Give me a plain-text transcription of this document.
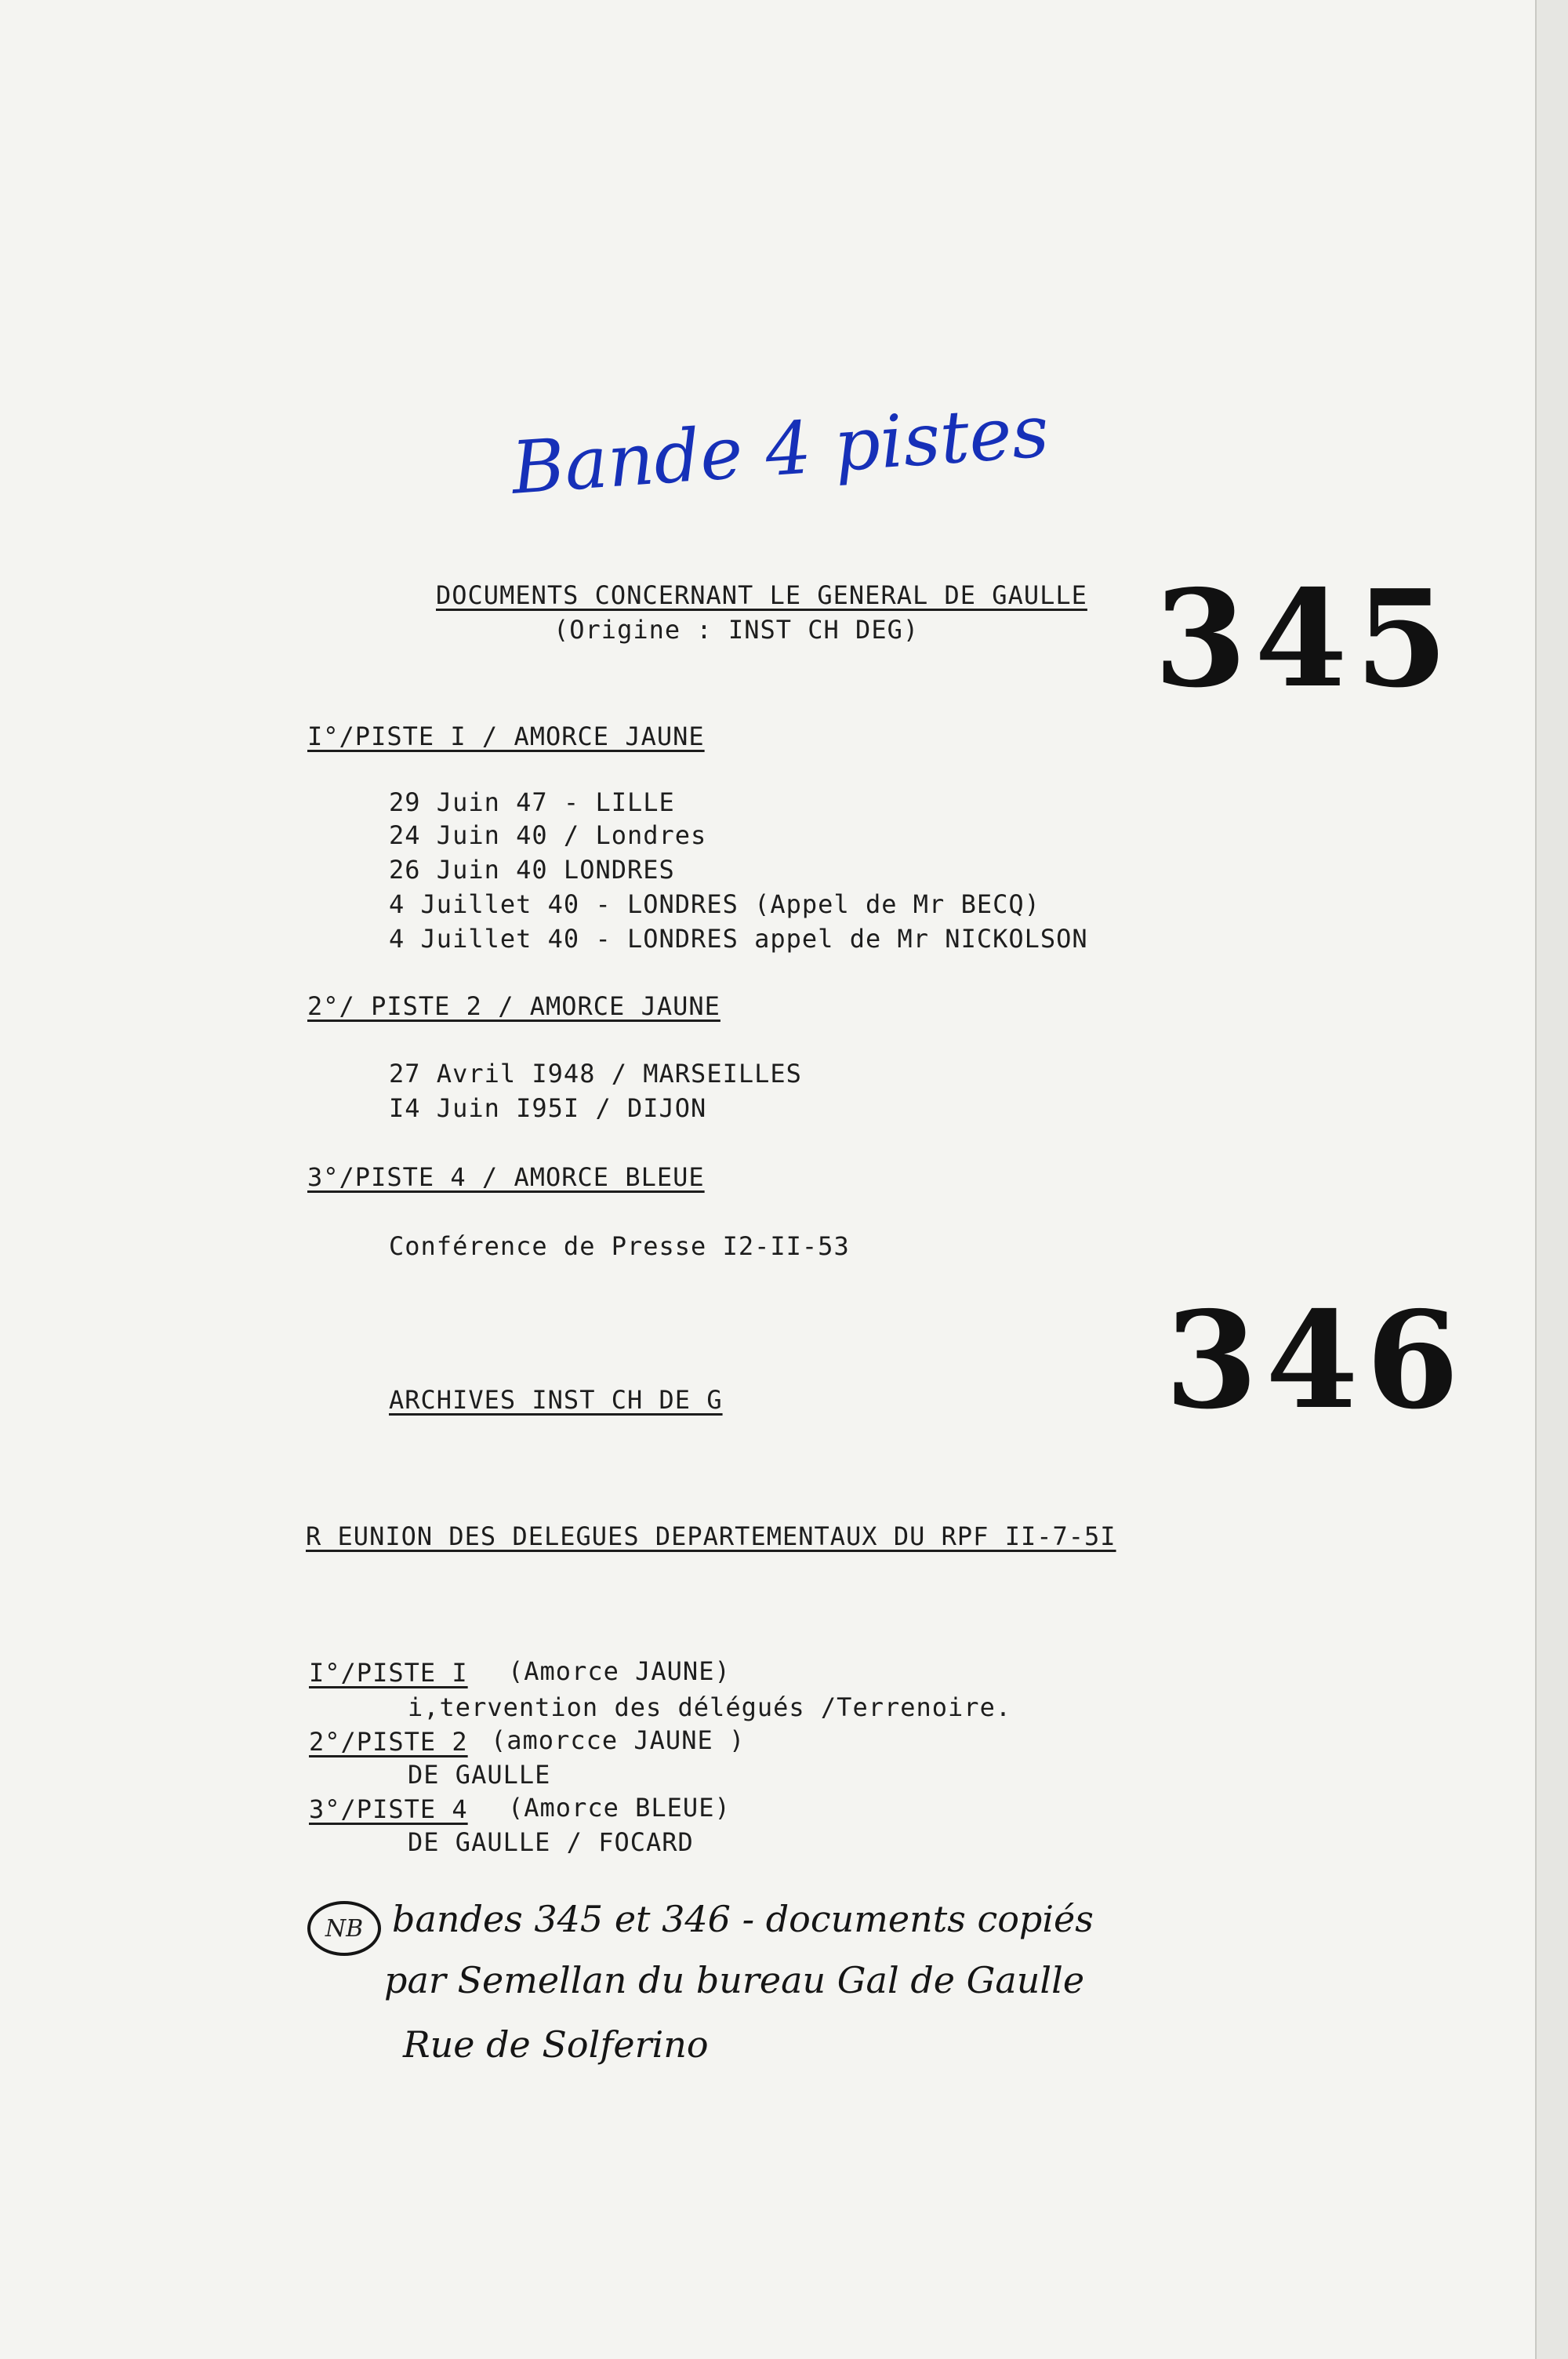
Bande 4 pistes
DOCUMENTS CONCERNANT LE GENERAL DE GAULLE
(Origine : INST CH DEG) 345
I°/PISTE I / AMORCE JAUNE
29 Juin 47 - LILLE
24 Juin 40 / Londres
26 Juin 40 LONDRES
4 Juillet 40 - LONDRES (Appel de Mr BECQ)
4 Juillet 40 - LONDRES appel de Mr NICKOLSON
2°/ PISTE 2 / AMORCE JAUNE
27 Avril I948 / MARSEILLES
I4 Juin I95I / DIJON
3°/PISTE 4 / AMORCE BLEUE
Conférence de Presse I2-II-53
346
ARCHIVES INST CH DE G
R EUNION DES DELEGUES DEPARTEMENTAUX DU RPF II-7-5I
I°/PISTE I (Amorce JAUNE)
i,tervention des délégués /Terrenoire.
2°/PISTE 2 (amorcce JAUNE )
DE GAULLE
3°/PISTE 4 (Amorce BLEUE)
DE GAULLE / FOCARD
NB bandes 345 et 346 - documents copiés
par Semellan du bureau Gal de Gaulle
Rue de Solferino
